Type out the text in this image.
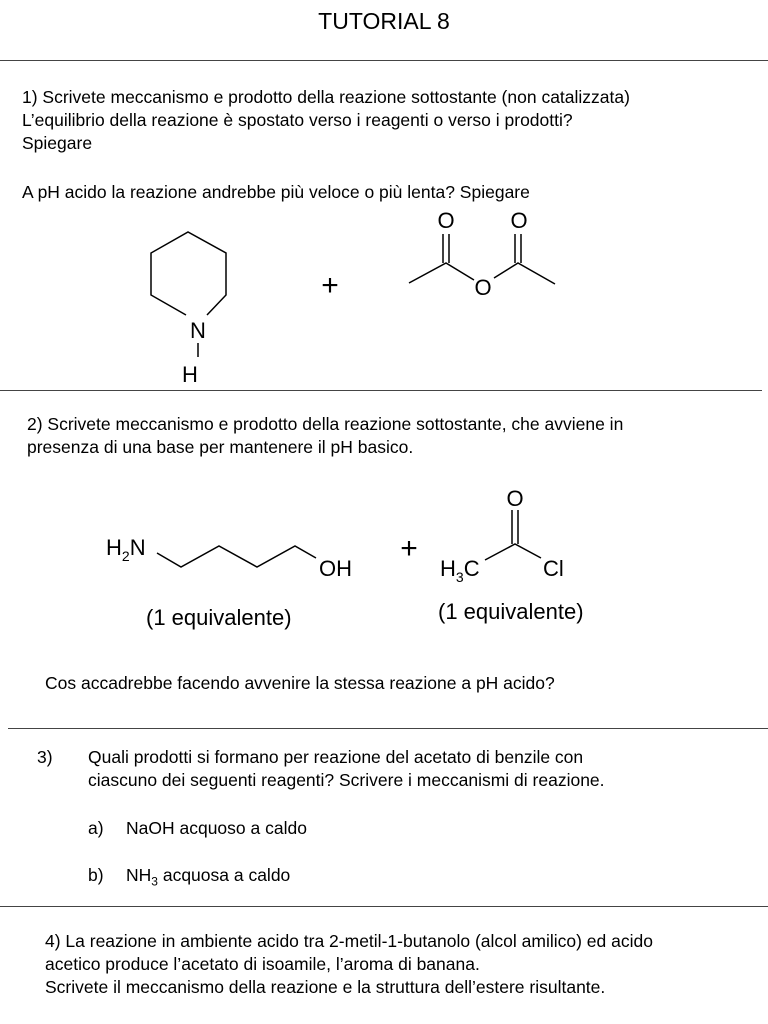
TUTORIAL 8
1) Scrivete meccanismo e prodotto della reazione sottostante (non catalizzata)
L’equilibrio della reazione è spostato verso i reagenti o verso i prodotti?
Spiegare
A pH acido la reazione andrebbe più veloce o più lenta? Spiegare
N
H
+
O	O
O
2) Scrivete meccanismo e prodotto della reazione sottostante, che avviene in
presenza di una base per mantenere il pH basico.
$H_2N$
OH
+
$H_3C$
O
Cl
(1 equivalente)	(1 equivalente)
Cos accadrebbe facendo avvenire la stessa reazione a pH acido?
3) Quali prodotti si formano per reazione del acetato di benzile con
ciascuno dei seguenti reagenti? Scrivere i meccanismi di reazione.
a) NaOH acquoso a caldo
b) $NH_3$ acquosa a caldo
4) La reazione in ambiente acido tra 2-metil-1-butanolo (alcol amilico) ed acido
acetico produce l’acetato di isoamile, l’aroma di banana.
Scrivete il meccanismo della reazione e la struttura dell’estere risultante.
